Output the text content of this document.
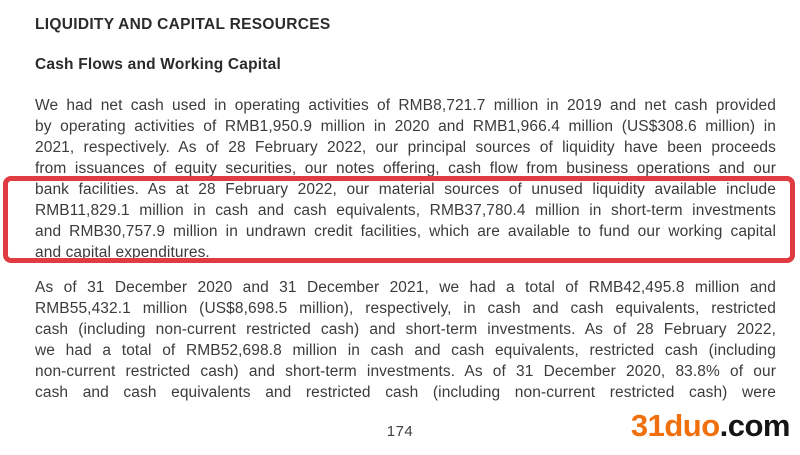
LIQUIDITY AND CAPITAL RESOURCES
Cash Flows and Working Capital
We had net cash used in operating activities of RMB8,721.7 million in 2019 and net cash provided
by operating activities of RMB1,950.9 million in 2020 and RMB1,966.4 million (US$308.6 million) in
2021, respectively. As of 28 February 2022, our principal sources of liquidity have been proceeds
from issuances of equity securities, our notes offering, cash flow from business operations and our
bank facilities. As at 28 February 2022, our material sources of unused liquidity available include
RMB11,829.1 million in cash and cash equivalents, RMB37,780.4 million in short-term investments
and RMB30,757.9 million in undrawn credit facilities, which are available to fund our working capital
and capital expenditures.
As of 31 December 2020 and 31 December 2021, we had a total of RMB42,495.8 million and
RMB55,432.1 million (US$8,698.5 million), respectively, in cash and cash equivalents, restricted
cash (including non-current restricted cash) and short-term investments. As of 28 February 2022,
we had a total of RMB52,698.8 million in cash and cash equivalents, restricted cash (including
non-current restricted cash) and short-term investments. As of 31 December 2020, 83.8% of our
cash and cash equivalents and restricted cash (including non-current restricted cash) were
174	31duo.com
